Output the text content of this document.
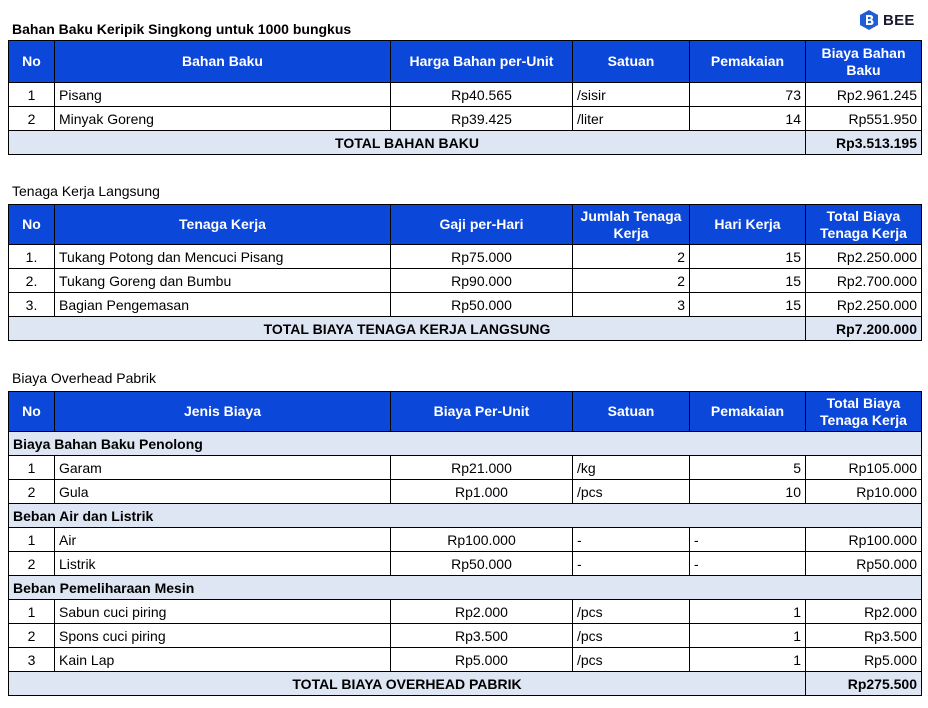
Bahan Baku Keripik Singkong untuk 1000 bungkus
BEE
No	Bahan Baku	Harga Bahan per-Unit	Satuan	Pemakaian	Biaya Bahan Baku
1	Pisang	Rp40.565	/sisir	73	Rp2.961.245
2	Minyak Goreng	Rp39.425	/liter	14	Rp551.950
TOTAL BAHAN BAKU					Rp3.513.195
Tenaga Kerja Langsung
No	Tenaga Kerja	Gaji per-Hari	Jumlah Tenaga Kerja	Hari Kerja	Total Biaya Tenaga Kerja
1.	Tukang Potong dan Mencuci Pisang	Rp75.000	2	15	Rp2.250.000
2.	Tukang Goreng dan Bumbu	Rp90.000	2	15	Rp2.700.000
3.	Bagian Pengemasan	Rp50.000	3	15	Rp2.250.000
TOTAL BIAYA TENAGA KERJA LANGSUNG					Rp7.200.000
Biaya Overhead Pabrik
No	Jenis Biaya	Biaya Per-Unit	Satuan	Pemakaian	Total Biaya Tenaga Kerja
Biaya Bahan Baku Penolong					
1	Garam	Rp21.000	/kg	5	Rp105.000
2	Gula	Rp1.000	/pcs	10	Rp10.000
Beban Air dan Listrik					
1	Air	Rp100.000	-	-	Rp100.000
2	Listrik	Rp50.000	-	-	Rp50.000
Beban Pemeliharaan Mesin					
1	Sabun cuci piring	Rp2.000	/pcs	1	Rp2.000
2	Spons cuci piring	Rp3.500	/pcs	1	Rp3.500
3	Kain Lap	Rp5.000	/pcs	1	Rp5.000
TOTAL BIAYA OVERHEAD PABRIK					Rp275.500
